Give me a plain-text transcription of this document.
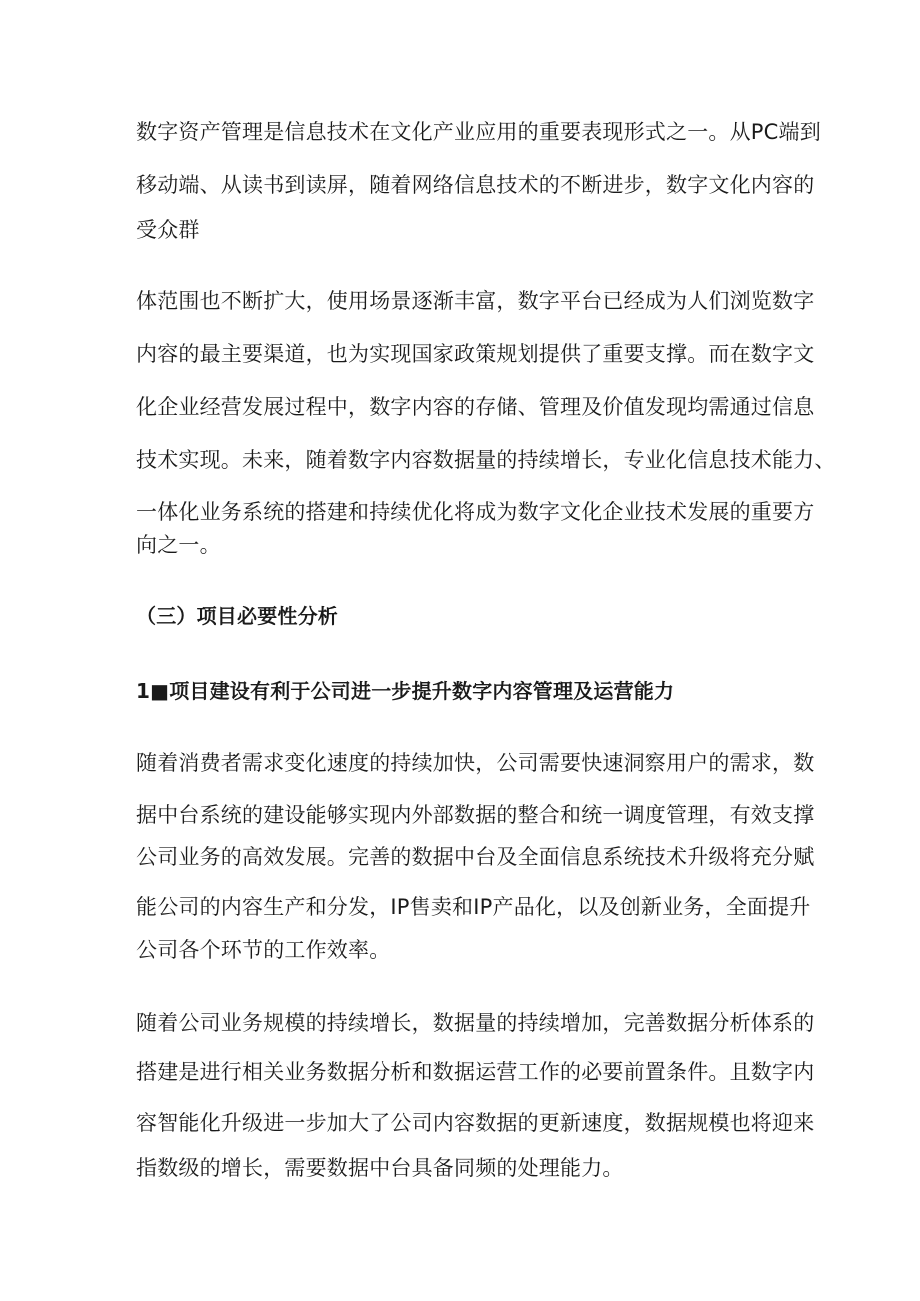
数字资产管理是信息技术在文化产业应用的重要表现形式之一。从PC端到

移动端、从读书到读屏，随着网络信息技术的不断进步，数字文化内容的

受众群

体范围也不断扩大，使用场景逐渐丰富，数字平台已经成为人们浏览数字

内容的最主要渠道，也为实现国家政策规划提供了重要支撑。而在数字文

化企业经营发展过程中，数字内容的存储、管理及价值发现均需通过信息

技术实现。未来，随着数字内容数据量的持续增长，专业化信息技术能力、

一体化业务系统的搭建和持续优化将成为数字文化企业技术发展的重要方

向之一。

（三）项目必要性分析

1■项目建设有利于公司进一步提升数字内容管理及运营能力

随着消费者需求变化速度的持续加快，公司需要快速洞察用户的需求，数

据中台系统的建设能够实现内外部数据的整合和统一调度管理，有效支撑

公司业务的高效发展。完善的数据中台及全面信息系统技术升级将充分赋

能公司的内容生产和分发，IP售卖和IP产品化，以及创新业务，全面提升

公司各个环节的工作效率。

随着公司业务规模的持续增长，数据量的持续增加，完善数据分析体系的

搭建是进行相关业务数据分析和数据运营工作的必要前置条件。且数字内

容智能化升级进一步加大了公司内容数据的更新速度，数据规模也将迎来

指数级的增长，需要数据中台具备同频的处理能力。
